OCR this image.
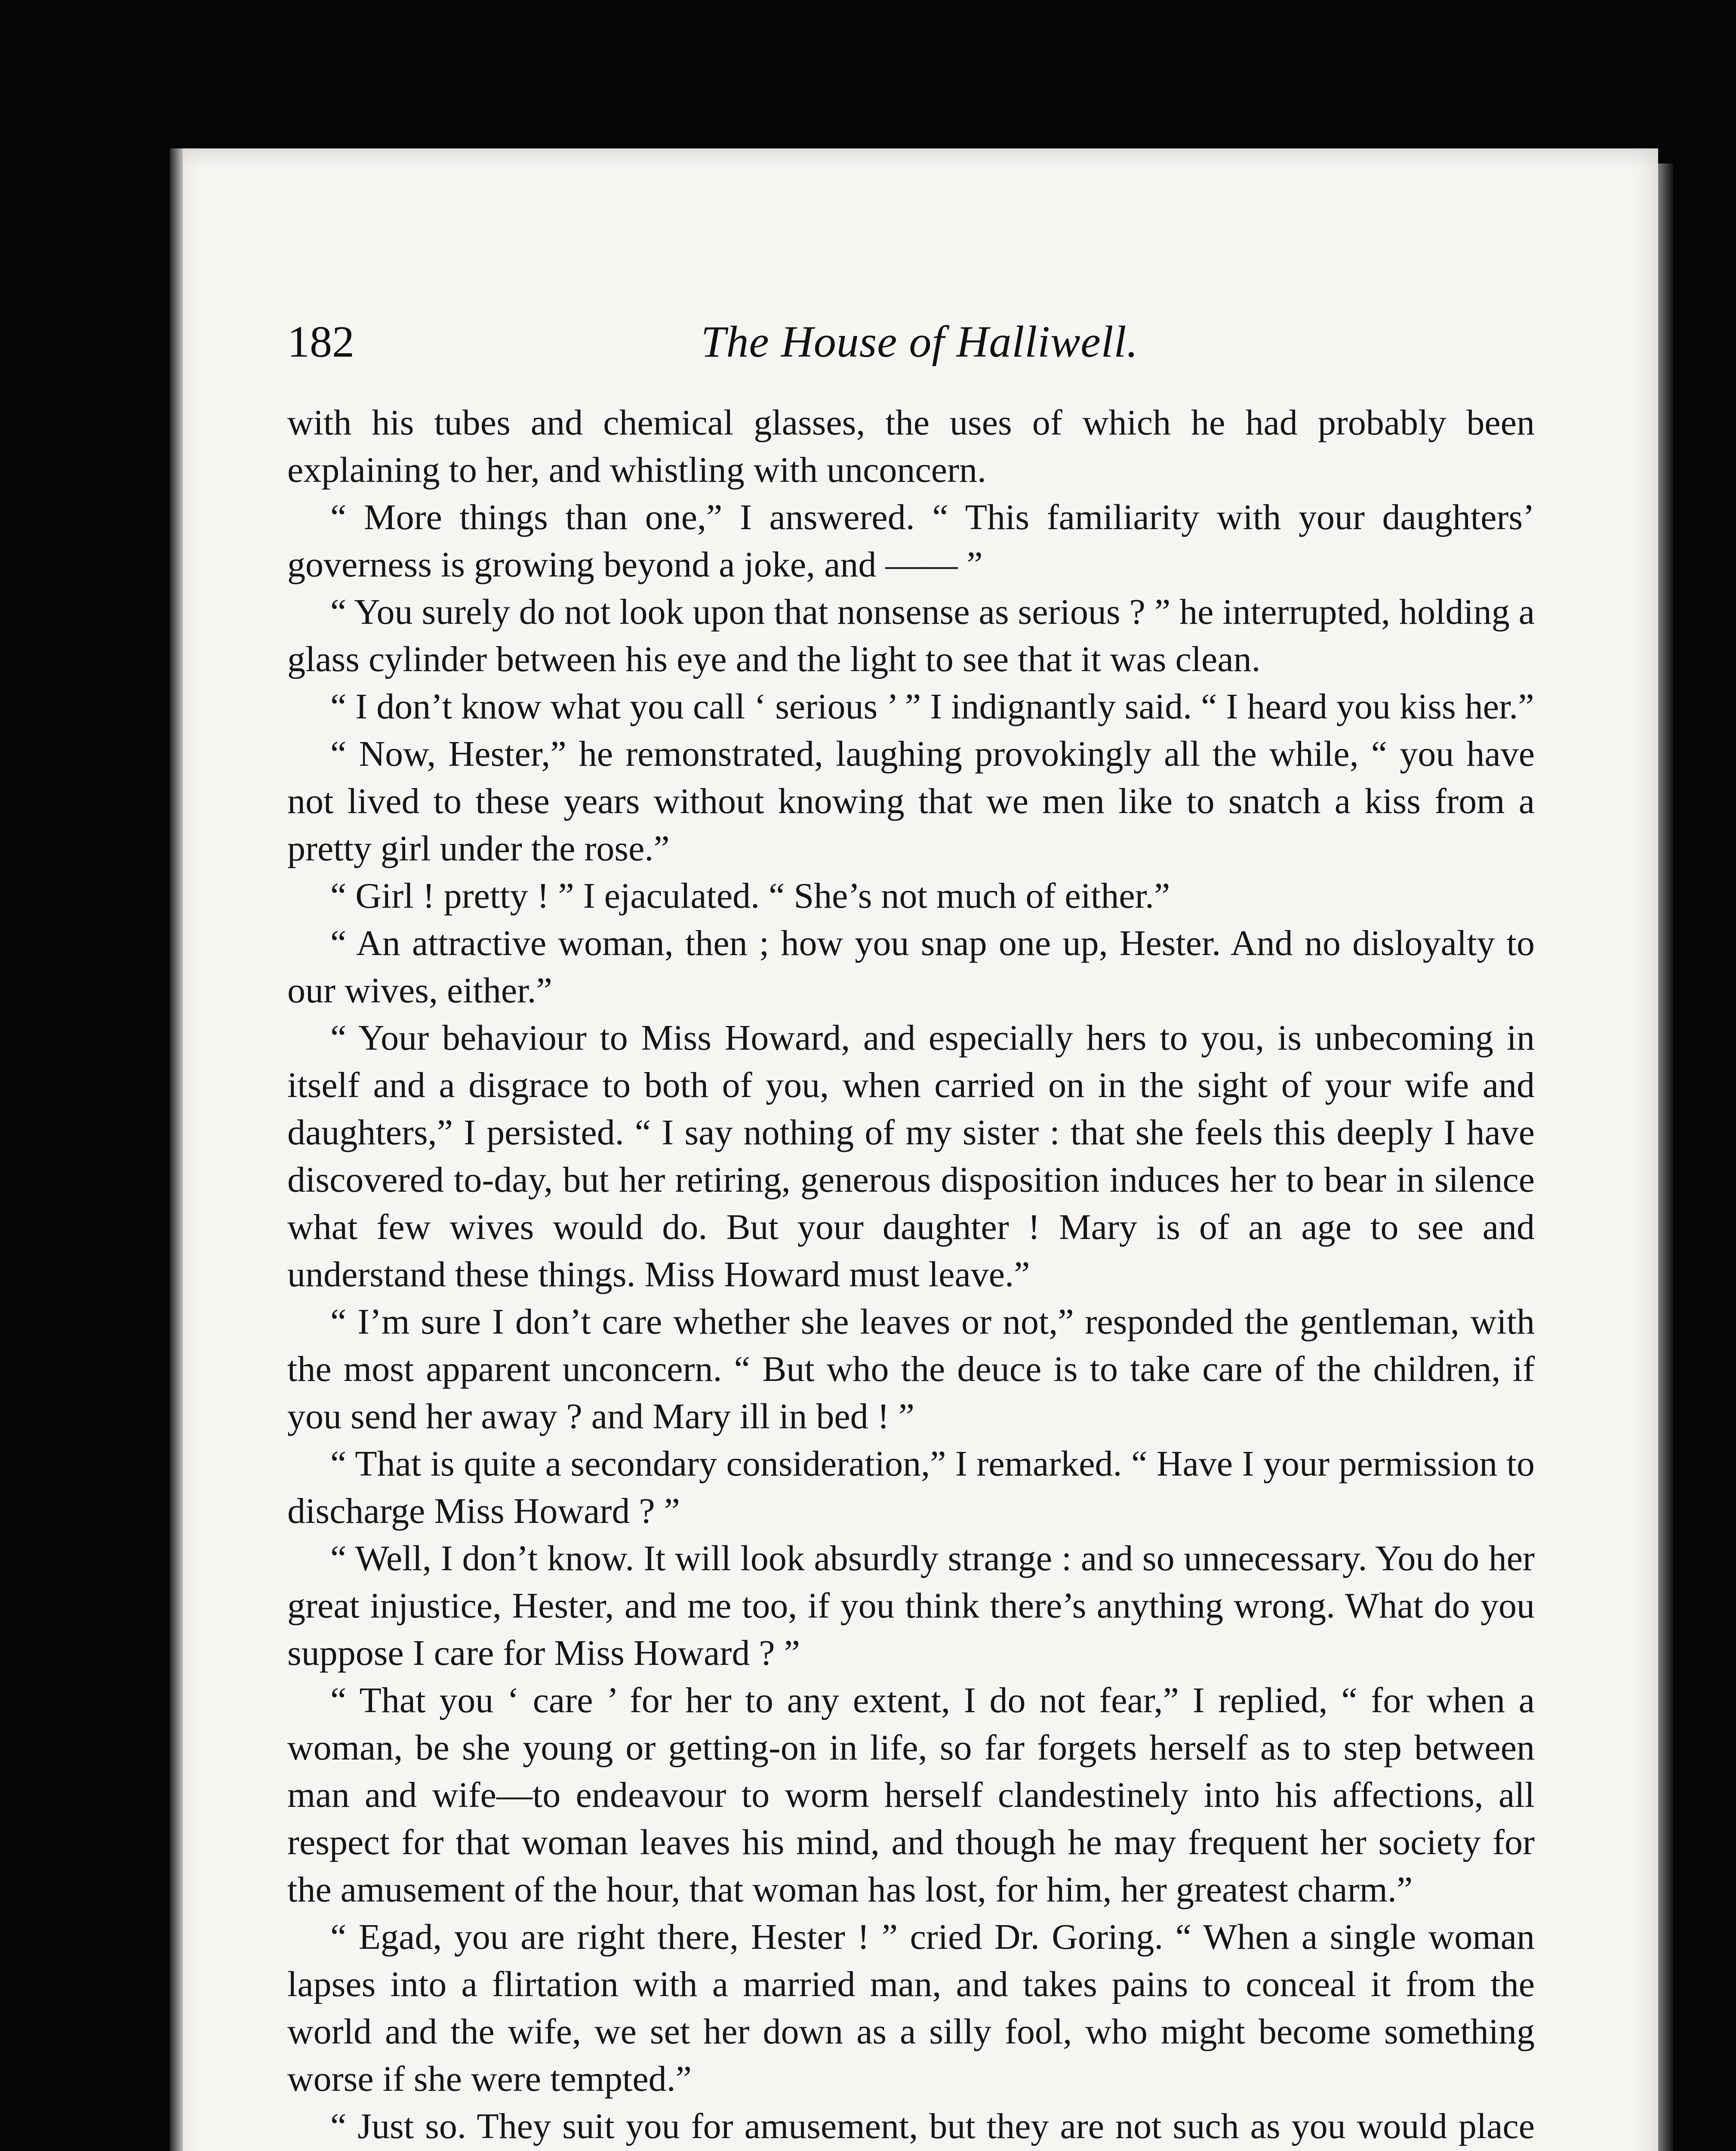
182	The House of Halliwell.

with his tubes and chemical glasses, the uses of which he had probably been explaining to her, and whistling with unconcern.

“ More things than one,” I answered. “ This familiarity with your daughters’ governess is growing beyond a joke, and —— ”

“ You surely do not look upon that nonsense as serious ? ” he interrupted, holding a glass cylinder between his eye and the light to see that it was clean.

“ I don’t know what you call ‘ serious ’ ” I indignantly said. “ I heard you kiss her.”

“ Now, Hester,” he remonstrated, laughing provokingly all the while, “ you have not lived to these years without knowing that we men like to snatch a kiss from a pretty girl under the rose.”

“ Girl ! pretty ! ” I ejaculated. “ She’s not much of either.”

“ An attractive woman, then ; how you snap one up, Hester. And no disloyalty to our wives, either.”

“ Your behaviour to Miss Howard, and especially hers to you, is unbecoming in itself and a disgrace to both of you, when carried on in the sight of your wife and daughters,” I persisted. “ I say nothing of my sister : that she feels this deeply I have discovered to-day, but her retiring, generous disposition induces her to bear in silence what few wives would do. But your daughter ! Mary is of an age to see and understand these things. Miss Howard must leave.”

“ I’m sure I don’t care whether she leaves or not,” responded the gentleman, with the most apparent unconcern. “ But who the deuce is to take care of the children, if you send her away ? and Mary ill in bed ! ”

“ That is quite a secondary consideration,” I remarked. “ Have I your permission to discharge Miss Howard ? ”

“ Well, I don’t know. It will look absurdly strange : and so unnecessary. You do her great injustice, Hester, and me too, if you think there’s anything wrong. What do you suppose I care for Miss Howard ? ”

“ That you ‘ care ’ for her to any extent, I do not fear,” I replied, “ for when a woman, be she young or getting-on in life, so far forgets herself as to step between man and wife—to endeavour to worm herself clandestinely into his affections, all respect for that woman leaves his mind, and though he may frequent her society for the amusement of the hour, that woman has lost, for him, her greatest charm.”

“ Egad, you are right there, Hester ! ” cried Dr. Goring. “ When a single woman lapses into a flirtation with a married man, and takes pains to conceal it from the world and the wife, we set her down as a silly fool, who might become something worse if she were tempted.”

“ Just so. They suit you for amusement, but they are not such as you would place
